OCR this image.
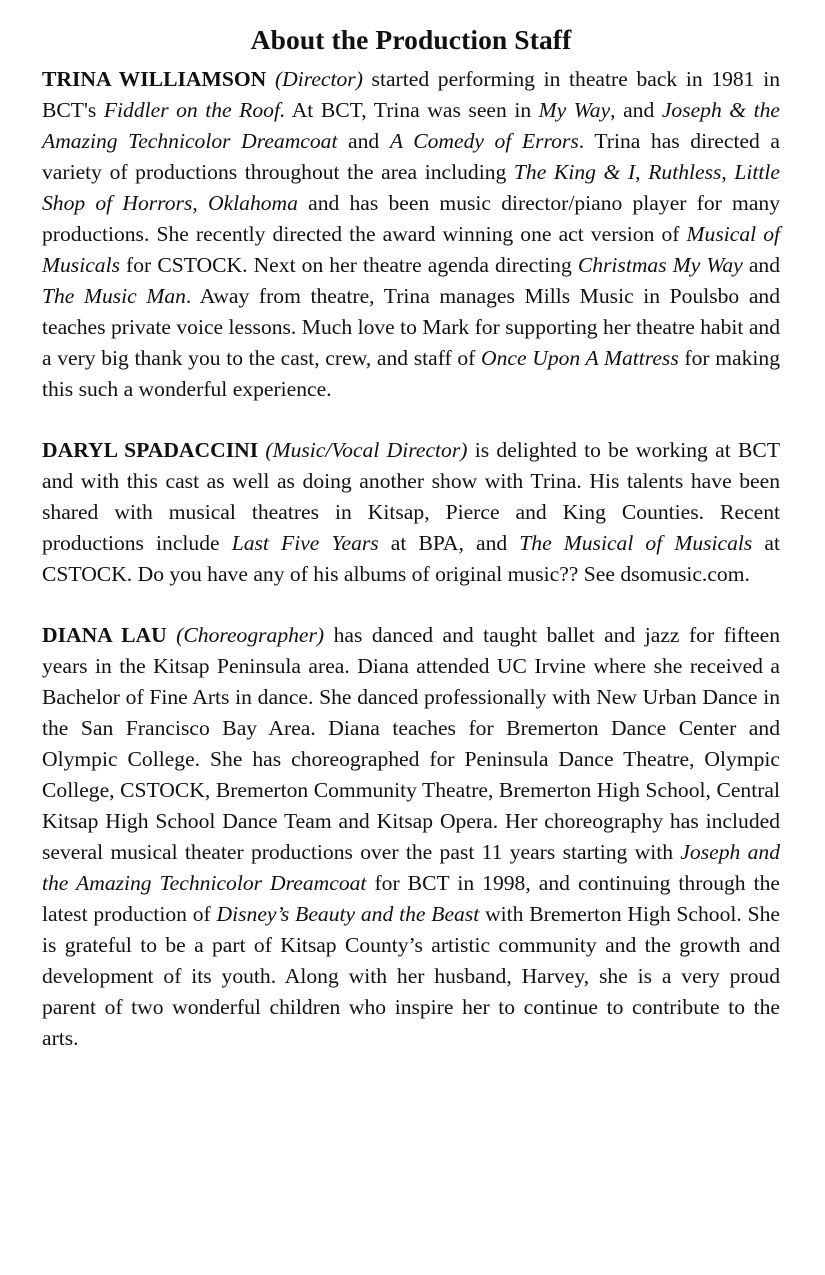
About the Production Staff

TRINA WILLIAMSON (Director) started performing in theatre back in 1981 in BCT's Fiddler on the Roof. At BCT, Trina was seen in My Way, and Joseph & the Amazing Technicolor Dreamcoat and A Comedy of Errors. Trina has directed a variety of productions throughout the area including The King & I, Ruthless, Little Shop of Horrors, Oklahoma and has been music director/piano player for many productions. She recently directed the award winning one act version of Musical of Musicals for CSTOCK. Next on her theatre agenda directing Christmas My Way and The Music Man. Away from theatre, Trina manages Mills Music in Poulsbo and teaches private voice lessons. Much love to Mark for supporting her theatre habit and a very big thank you to the cast, crew, and staff of Once Upon A Mattress for making this such a wonderful experience.

DARYL SPADACCINI (Music/Vocal Director) is delighted to be working at BCT and with this cast as well as doing another show with Trina. His talents have been shared with musical theatres in Kitsap, Pierce and King Counties. Recent productions include Last Five Years at BPA, and The Musical of Musicals at CSTOCK. Do you have any of his albums of original music?? See dsomusic.com.

DIANA LAU (Choreographer) has danced and taught ballet and jazz for fifteen years in the Kitsap Peninsula area. Diana attended UC Irvine where she received a Bachelor of Fine Arts in dance. She danced professionally with New Urban Dance in the San Francisco Bay Area. Diana teaches for Bremerton Dance Center and Olympic College. She has choreographed for Peninsula Dance Theatre, Olympic College, CSTOCK, Bremerton Community Theatre, Bremerton High School, Central Kitsap High School Dance Team and Kitsap Opera. Her choreography has included several musical theater productions over the past 11 years starting with Joseph and the Amazing Technicolor Dreamcoat for BCT in 1998, and continuing through the latest production of Disney’s Beauty and the Beast with Bremerton High School. She is grateful to be a part of Kitsap County’s artistic community and the growth and development of its youth. Along with her husband, Harvey, she is a very proud parent of two wonderful children who inspire her to continue to contribute to the arts.
